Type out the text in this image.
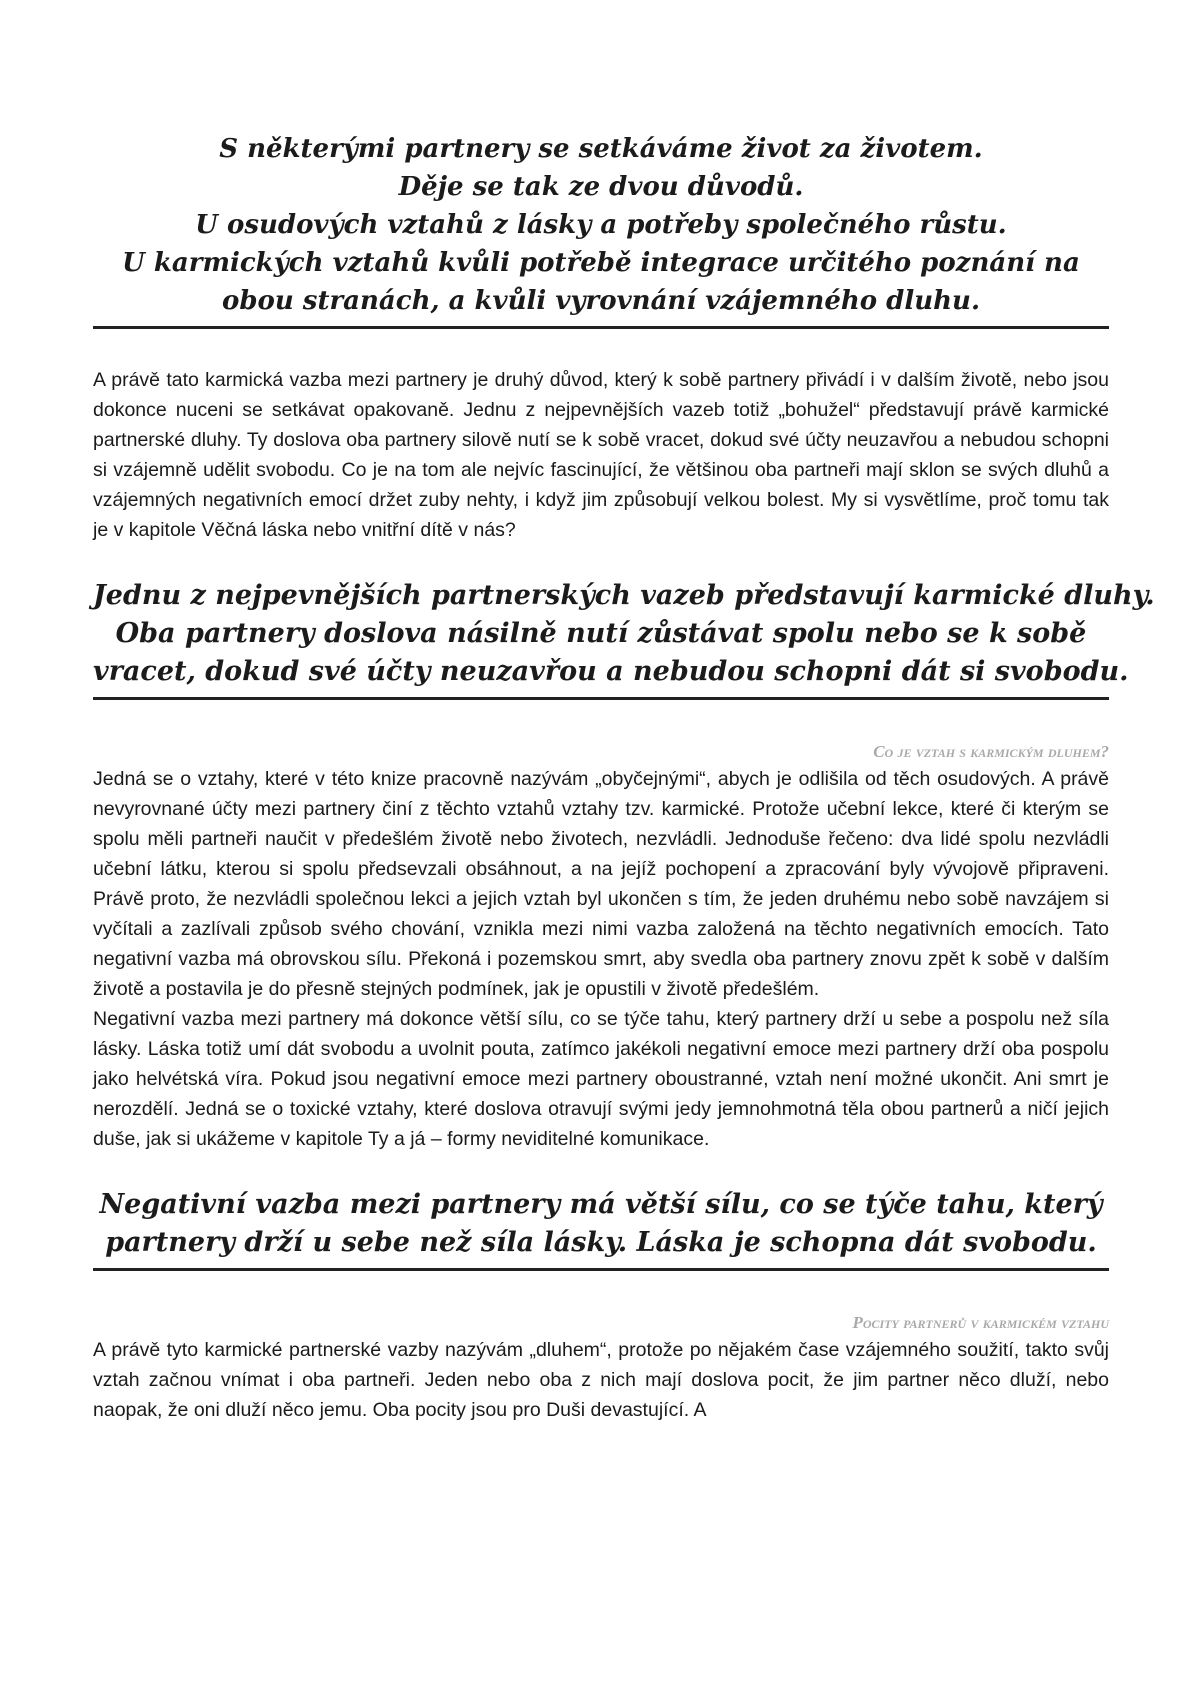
S některými partnery se setkáváme život za životem.
Děje se tak ze dvou důvodů.
U osudových vztahů z lásky a potřeby společného růstu.
U karmických vztahů kvůli potřebě integrace určitého poznání na
obou stranách, a kvůli vyrovnání vzájemného dluhu.

A právě tato karmická vazba mezi partnery je druhý důvod, který k sobě partnery přivádí i v dalším životě, nebo jsou dokonce nuceni se setkávat opakovaně. Jednu z nejpevnějších vazeb totiž „bohužel“ představují právě karmické partnerské dluhy. Ty doslova oba partnery silově nutí se k sobě vracet, dokud své účty neuzavřou a nebudou schopni si vzájemně udělit svobodu. Co je na tom ale nejvíc fascinující, že většinou oba partneři mají sklon se svých dluhů a vzájemných negativních emocí držet zuby nehty, i když jim způsobují velkou bolest. My si vysvětlíme, proč tomu tak je v kapitole Věčná láska nebo vnitřní dítě v nás?

Jednu z nejpevnějších partnerských vazeb představují karmické dluhy.
Oba partnery doslova násilně nutí zůstávat spolu nebo se k sobě
vracet, dokud své účty neuzavřou a nebudou schopni dát si svobodu.
Co je vztah s karmickým dluhem?

Jedná se o vztahy, které v této knize pracovně nazývám „obyčejnými“, abych je odlišila od těch osudových. A právě nevyrovnané účty mezi partnery činí z těchto vztahů vztahy tzv. karmické. Protože učební lekce, které či kterým se spolu měli partneři naučit v předešlém životě nebo životech, nezvládli. Jednoduše řečeno: dva lidé spolu nezvládli učební látku, kterou si spolu předsevzali obsáhnout, a na jejíž pochopení a zpracování byly vývojově připraveni. Právě proto, že nezvládli společnou lekci a jejich vztah byl ukončen s tím, že jeden druhému nebo sobě navzájem si vyčítali a zazlívali způsob svého chování, vznikla mezi nimi vazba založená na těchto negativních emocích. Tato negativní vazba má obrovskou sílu. Překoná i pozemskou smrt, aby svedla oba partnery znovu zpět k sobě v dalším životě a postavila je do přesně stejných podmínek, jak je opustili v životě předešlém.

Negativní vazba mezi partnery má dokonce větší sílu, co se týče tahu, který partnery drží u sebe a pospolu než síla lásky. Láska totiž umí dát svobodu a uvolnit pouta, zatímco jakékoli negativní emoce mezi partnery drží oba pospolu jako helvétská víra. Pokud jsou negativní emoce mezi partnery oboustranné, vztah není možné ukončit. Ani smrt je nerozdělí. Jedná se o toxické vztahy, které doslova otravují svými jedy jemnohmotná těla obou partnerů a ničí jejich duše, jak si ukážeme v kapitole Ty a já – formy neviditelné komunikace.

Negativní vazba mezi partnery má větší sílu, co se týče tahu, který
partnery drží u sebe než síla lásky. Láska je schopna dát svobodu.
Pocity partnerů v karmickém vztahu

A právě tyto karmické partnerské vazby nazývám „dluhem“, protože po nějakém čase vzájemného soužití, takto svůj vztah začnou vnímat i oba partneři. Jeden nebo oba z nich mají doslova pocit, že jim partner něco dluží, nebo naopak, že oni dluží něco jemu. Oba pocity jsou pro Duši devastující. A
